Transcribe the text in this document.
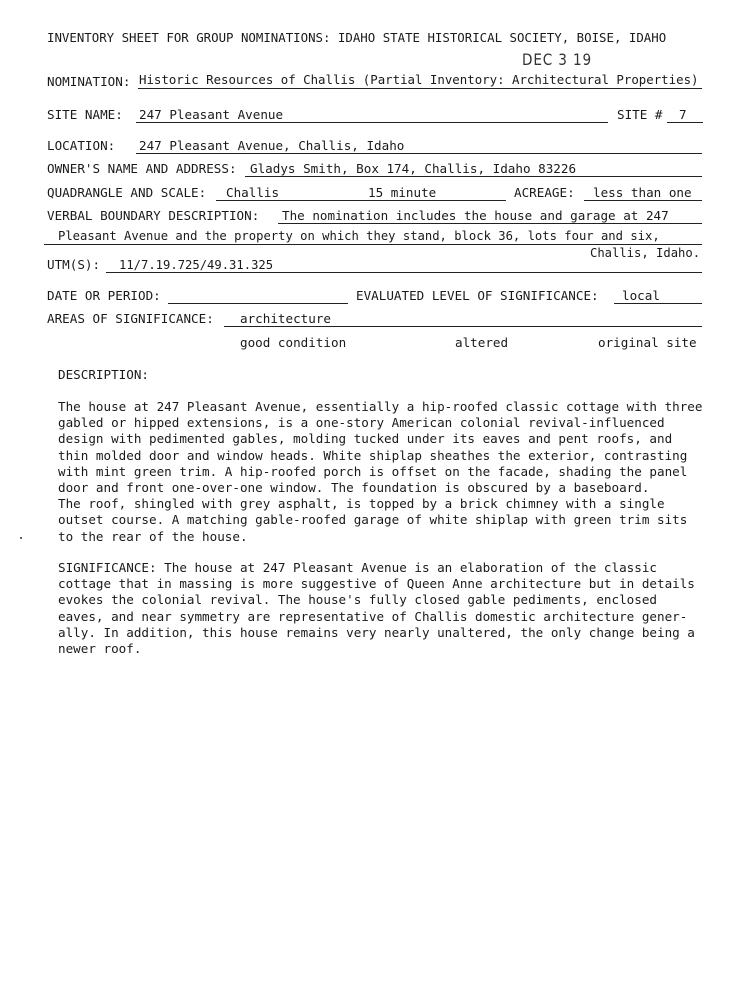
INVENTORY SHEET FOR GROUP NOMINATIONS: IDAHO STATE HISTORICAL SOCIETY, BOISE, IDAHO
DEC 3 19
NOMINATION: Historic Resources of Challis (Partial Inventory: Architectural Properties)
SITE NAME: 247 Pleasant Avenue	SITE # 7
LOCATION: 247 Pleasant Avenue, Challis, Idaho
OWNER'S NAME AND ADDRESS: Gladys Smith, Box 174, Challis, Idaho 83226
QUADRANGLE AND SCALE: Challis	15 minute	ACREAGE: less than one
VERBAL BOUNDARY DESCRIPTION: The nomination includes the house and garage at 247
Pleasant Avenue and the property on which they stand, block 36, lots four and six,
Challis, Idaho.
UTM(S): 11/7.19.725/49.31.325
DATE OR PERIOD:	EVALUATED LEVEL OF SIGNIFICANCE: local
AREAS OF SIGNIFICANCE: architecture
good condition	altered	original site
DESCRIPTION:
The house at 247 Pleasant Avenue, essentially a hip-roofed classic cottage with three
gabled or hipped extensions, is a one-story American colonial revival-influenced
design with pedimented gables, molding tucked under its eaves and pent roofs, and
thin molded door and window heads. White shiplap sheathes the exterior, contrasting
with mint green trim. A hip-roofed porch is offset on the facade, shading the panel
door and front one-over-one window. The foundation is obscured by a baseboard.
The roof, shingled with grey asphalt, is topped by a brick chimney with a single
outset course. A matching gable-roofed garage of white shiplap with green trim sits
to the rear of the house.
SIGNIFICANCE: The house at 247 Pleasant Avenue is an elaboration of the classic
cottage that in massing is more suggestive of Queen Anne architecture but in details
evokes the colonial revival. The house's fully closed gable pediments, enclosed
eaves, and near symmetry are representative of Challis domestic architecture gener-
ally. In addition, this house remains very nearly unaltered, the only change being a
newer roof.
